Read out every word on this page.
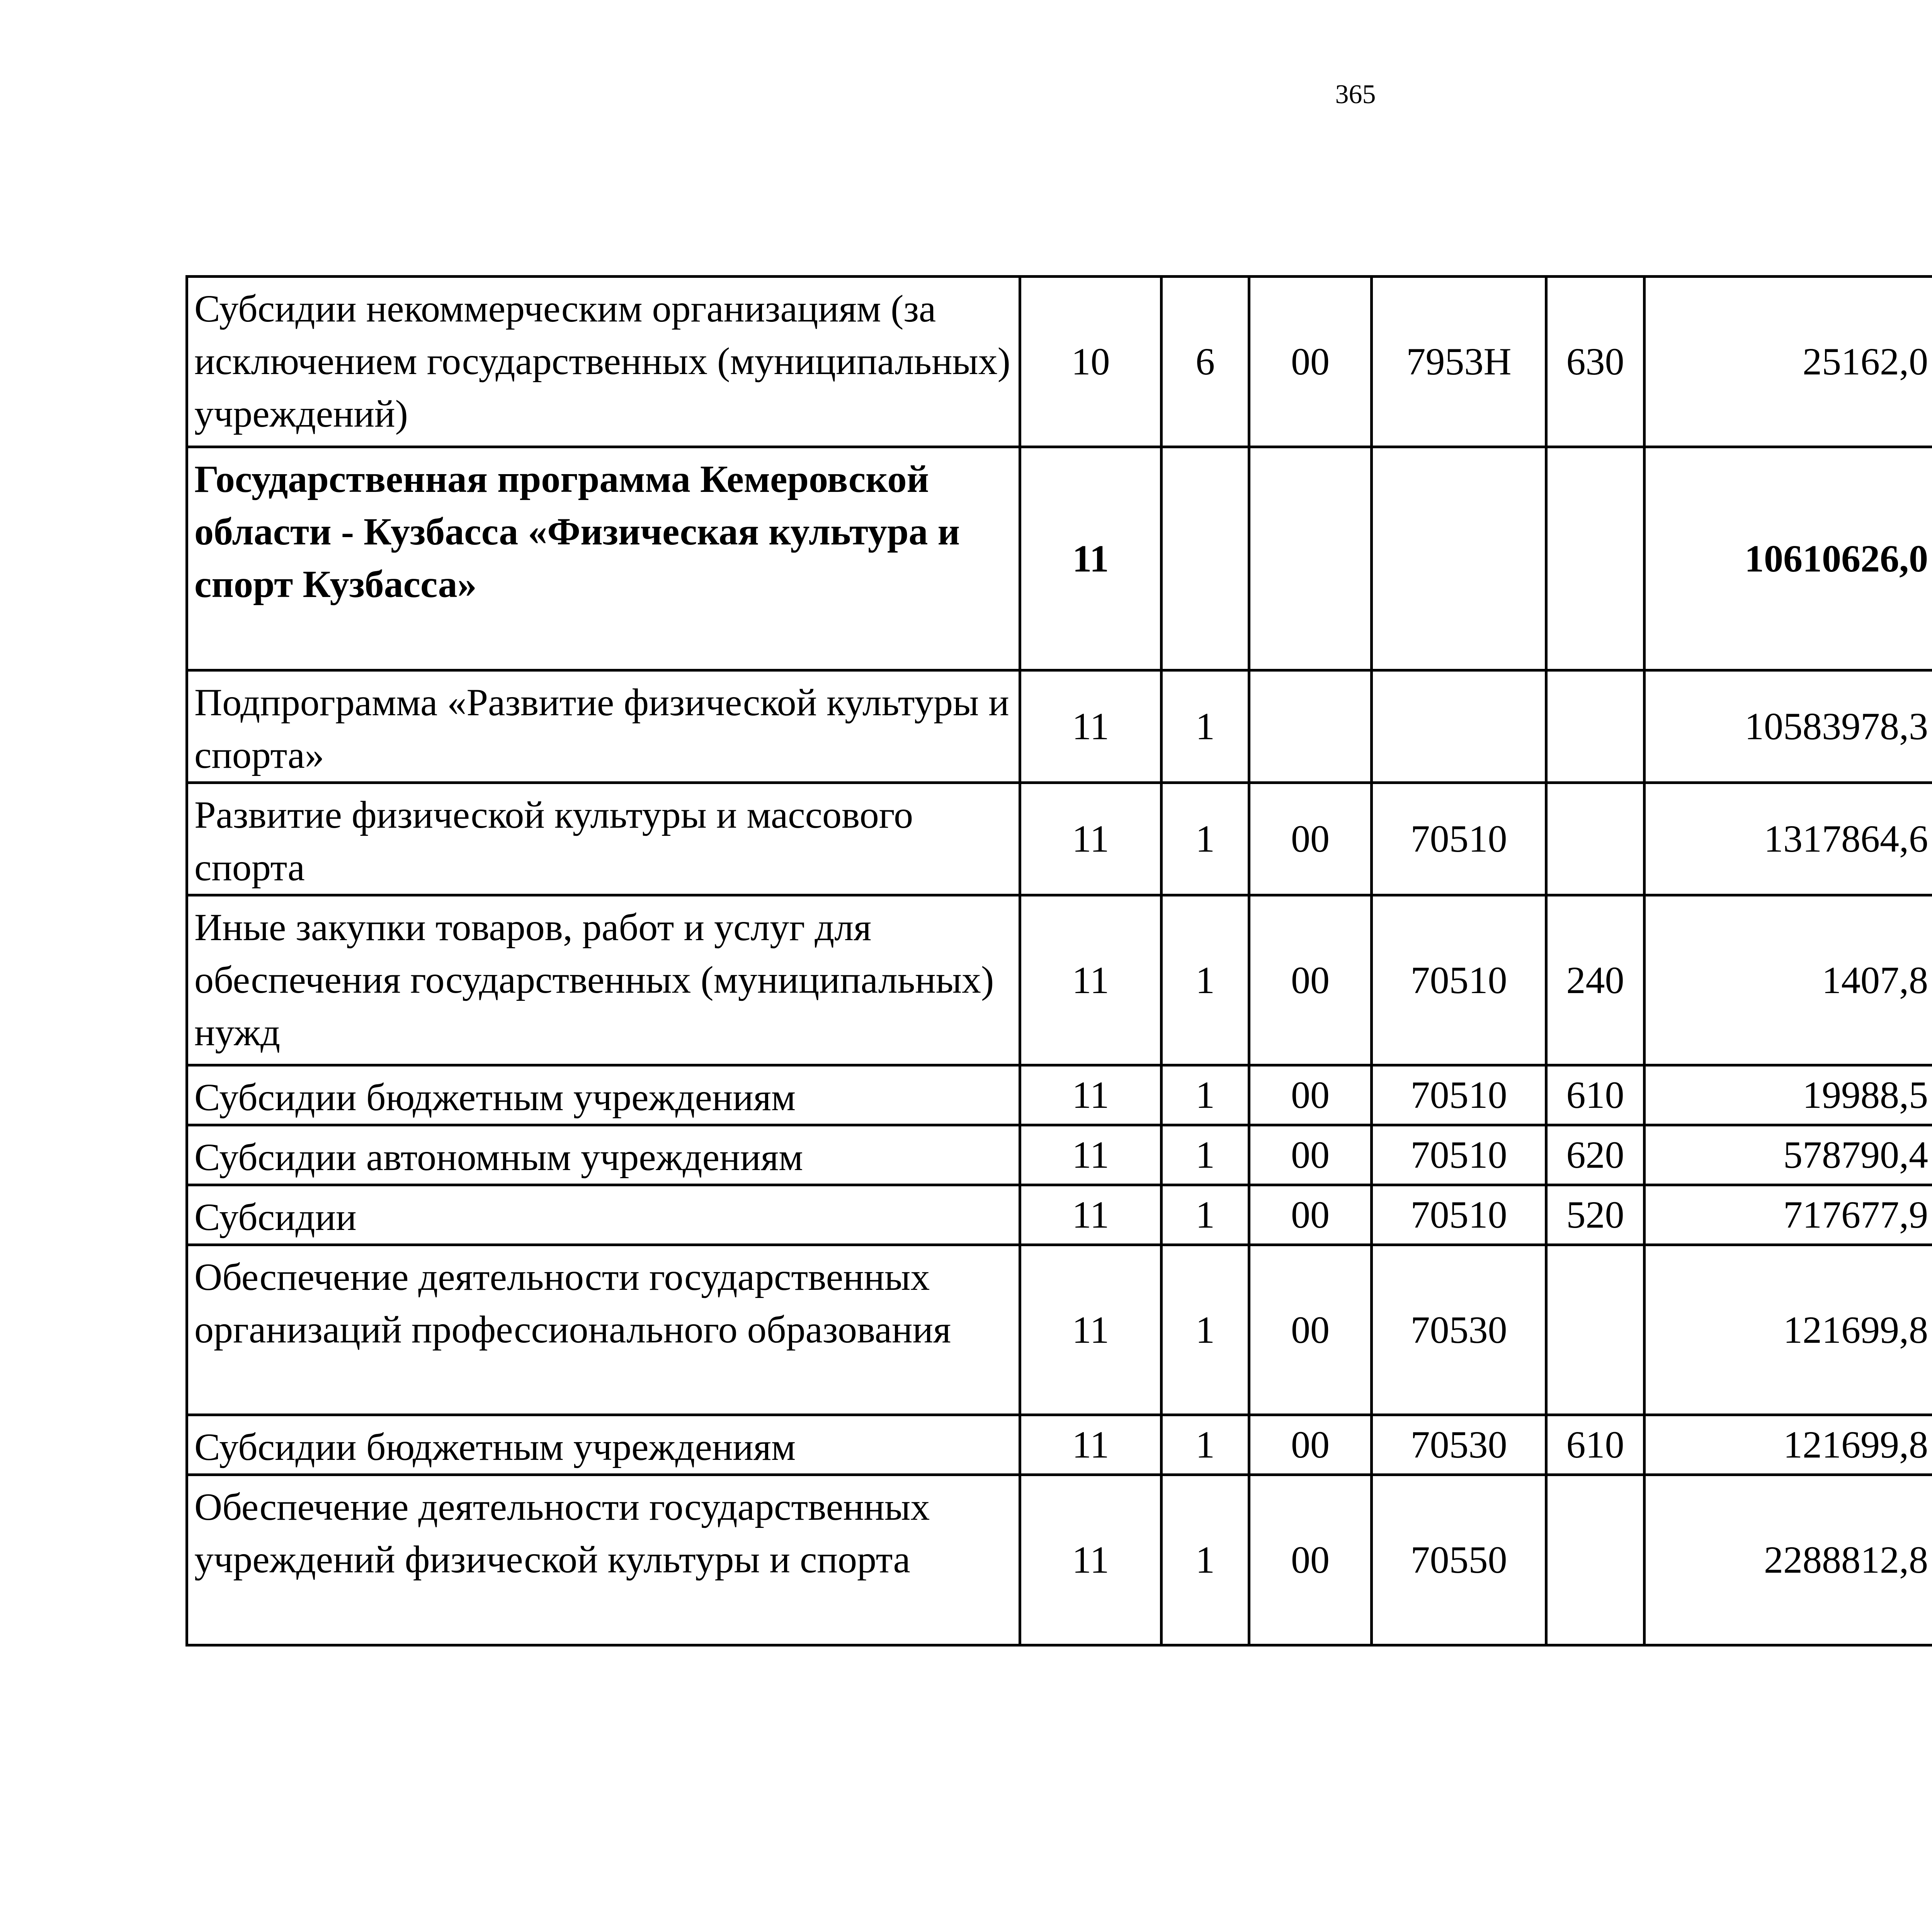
365
Субсидии некоммерческим организациям (за исключением государственных (муниципальных) учреждений)	10	6	00	7953Н	630	25162,0		
Государственная программа Кемеровской области - Кузбасса «Физическая культура и спорт Кузбасса»	11					10610626,0		
Подпрограмма «Развитие физической культуры и спорта»	11	1				10583978,3		
Развитие физической культуры и массового спорта	11	1	00	70510		1317864,6		
Иные закупки товаров, работ и услуг для обеспечения государственных (муниципальных) нужд	11	1	00	70510	240	1407,8		
Субсидии бюджетным учреждениям	11	1	00	70510	610	19988,5		
Субсидии автономным учреждениям	11	1	00	70510	620	578790,4		
Субсидии	11	1	00	70510	520	717677,9		
Обеспечение деятельности государственных организаций профессионального образования	11	1	00	70530		121699,8		
Субсидии бюджетным учреждениям	11	1	00	70530	610	121699,8		
Обеспечение деятельности государственных учреждений физической культуры и спорта	11	1	00	70550		2288812,8		
